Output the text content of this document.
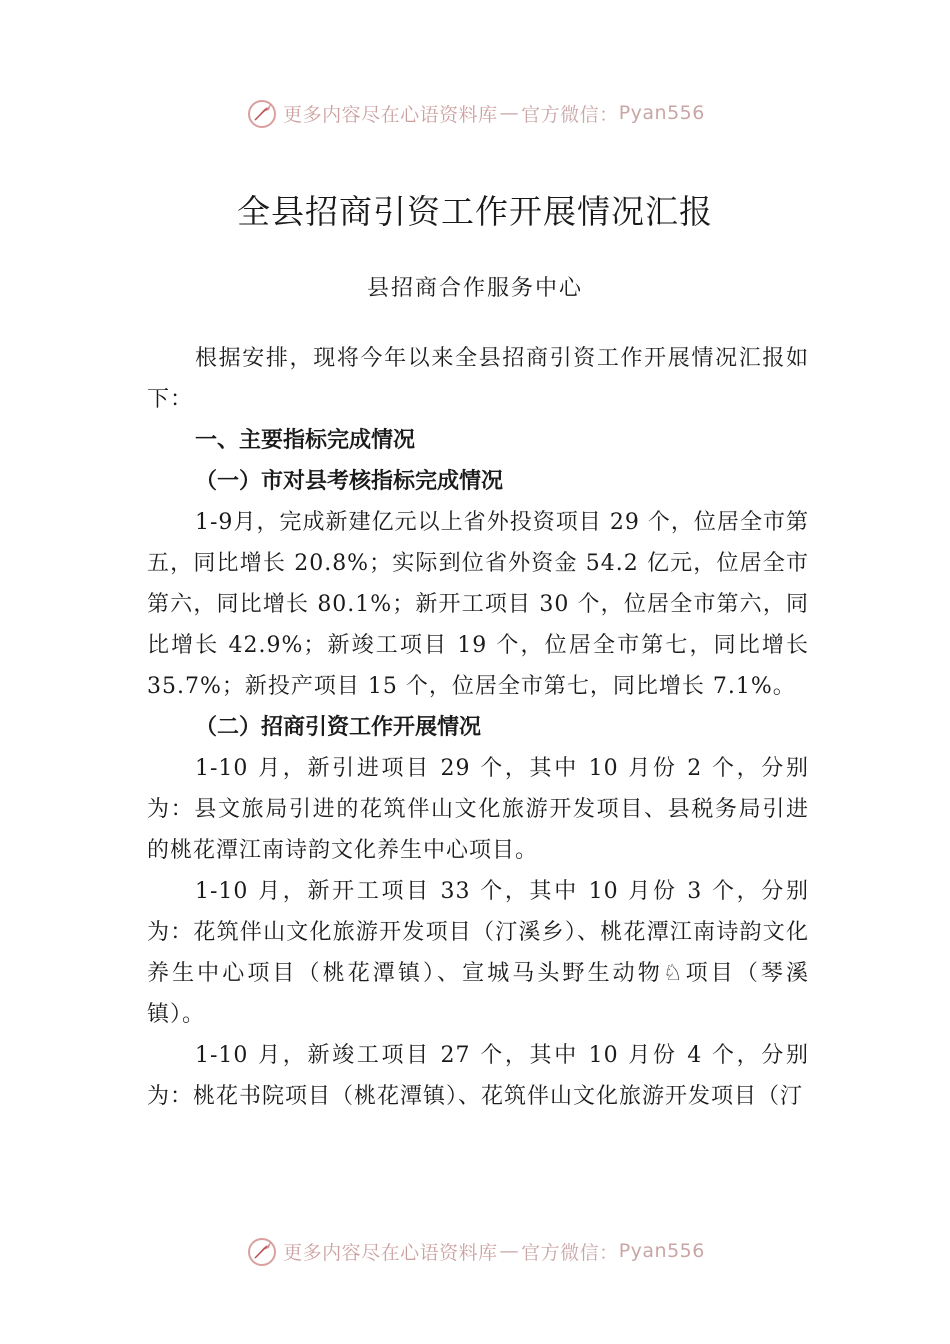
更多内容尽在心语资料库 — 官方微信： Pyan556
全县招商引资工作开展情况汇报
县招商合作服务中心

根据安排，现将今年以来全县招商引资工作开展情况汇报如下：

一、主要指标完成情况

（一）市对县考核指标完成情况

1-9月，完成新建亿元以上省外投资项目 29 个，位居全市第五，同比增长 20.8%；实际到位省外资金 54.2 亿元，位居全市第六，同比增长 80.1%；新开工项目 30 个，位居全市第六，同比增长 42.9%；新竣工项目 19 个，位居全市第七，同比增长 35.7%；新投产项目 15 个，位居全市第七，同比增长 7.1%。

（二）招商引资工作开展情况

1-10 月，新引进项目 29 个，其中 10 月份 2 个，分别为：县文旅局引进的花筑伴山文化旅游开发项目、县税务局引进的桃花潭江南诗韵文化养生中心项目。

1-10 月，新开工项目 33 个，其中 10 月份 3 个，分别为：花筑伴山文化旅游开发项目（汀溪乡）、桃花潭江南诗韵文化养生中心项目（桃花潭镇）、宣城马头野生动物♘项目（琴溪镇）。

1-10 月，新竣工项目 27 个，其中 10 月份 4 个，分别为：桃花书院项目（桃花潭镇）、花筑伴山文化旅游开发项目（汀

更多内容尽在心语资料库 — 官方微信： Pyan556
